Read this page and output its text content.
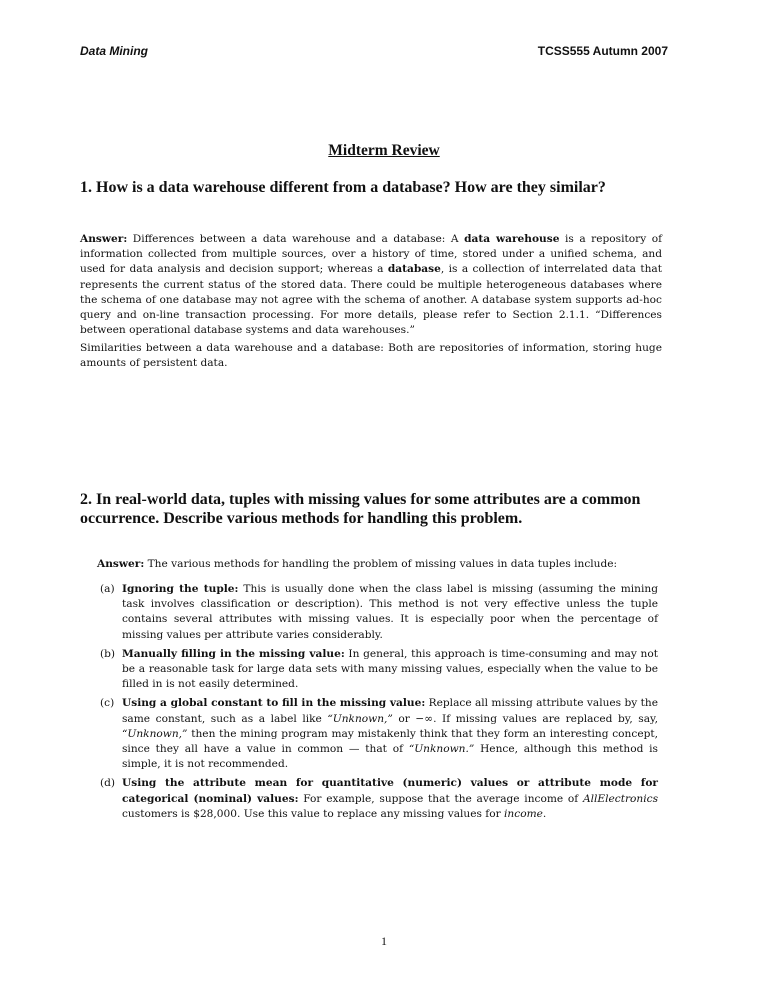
Data Mining	TCSS555 Autumn 2007
Midterm Review
1. How is a data warehouse different from a database? How are they similar?
Answer: Differences between a data warehouse and a database: A data warehouse is a repository of information collected from multiple sources, over a history of time, stored under a unified schema, and used for data analysis and decision support; whereas a database, is a collection of interrelated data that represents the current status of the stored data. There could be multiple heterogeneous databases where the schema of one database may not agree with the schema of another. A database system supports ad-hoc query and on-line transaction processing. For more details, please refer to Section 2.1.1. “Differences between operational database systems and data warehouses.”
Similarities between a data warehouse and a database: Both are repositories of information, storing huge amounts of persistent data.
2. In real-world data, tuples with missing values for some attributes are a common occurrence. Describe various methods for handling this problem.
Answer: The various methods for handling the problem of missing values in data tuples include:
(a) Ignoring the tuple: This is usually done when the class label is missing (assuming the mining task involves classification or description). This method is not very effective unless the tuple contains several attributes with missing values. It is especially poor when the percentage of missing values per attribute varies considerably.
(b) Manually filling in the missing value: In general, this approach is time-consuming and may not be a reasonable task for large data sets with many missing values, especially when the value to be filled in is not easily determined.
(c) Using a global constant to fill in the missing value: Replace all missing attribute values by the same constant, such as a label like “Unknown,” or −∞. If missing values are replaced by, say, “Unknown,” then the mining program may mistakenly think that they form an interesting concept, since they all have a value in common — that of “Unknown.” Hence, although this method is simple, it is not recommended.
(d) Using the attribute mean for quantitative (numeric) values or attribute mode for categorical (nominal) values: For example, suppose that the average income of AllElectronics customers is $28,000. Use this value to replace any missing values for income.
1
